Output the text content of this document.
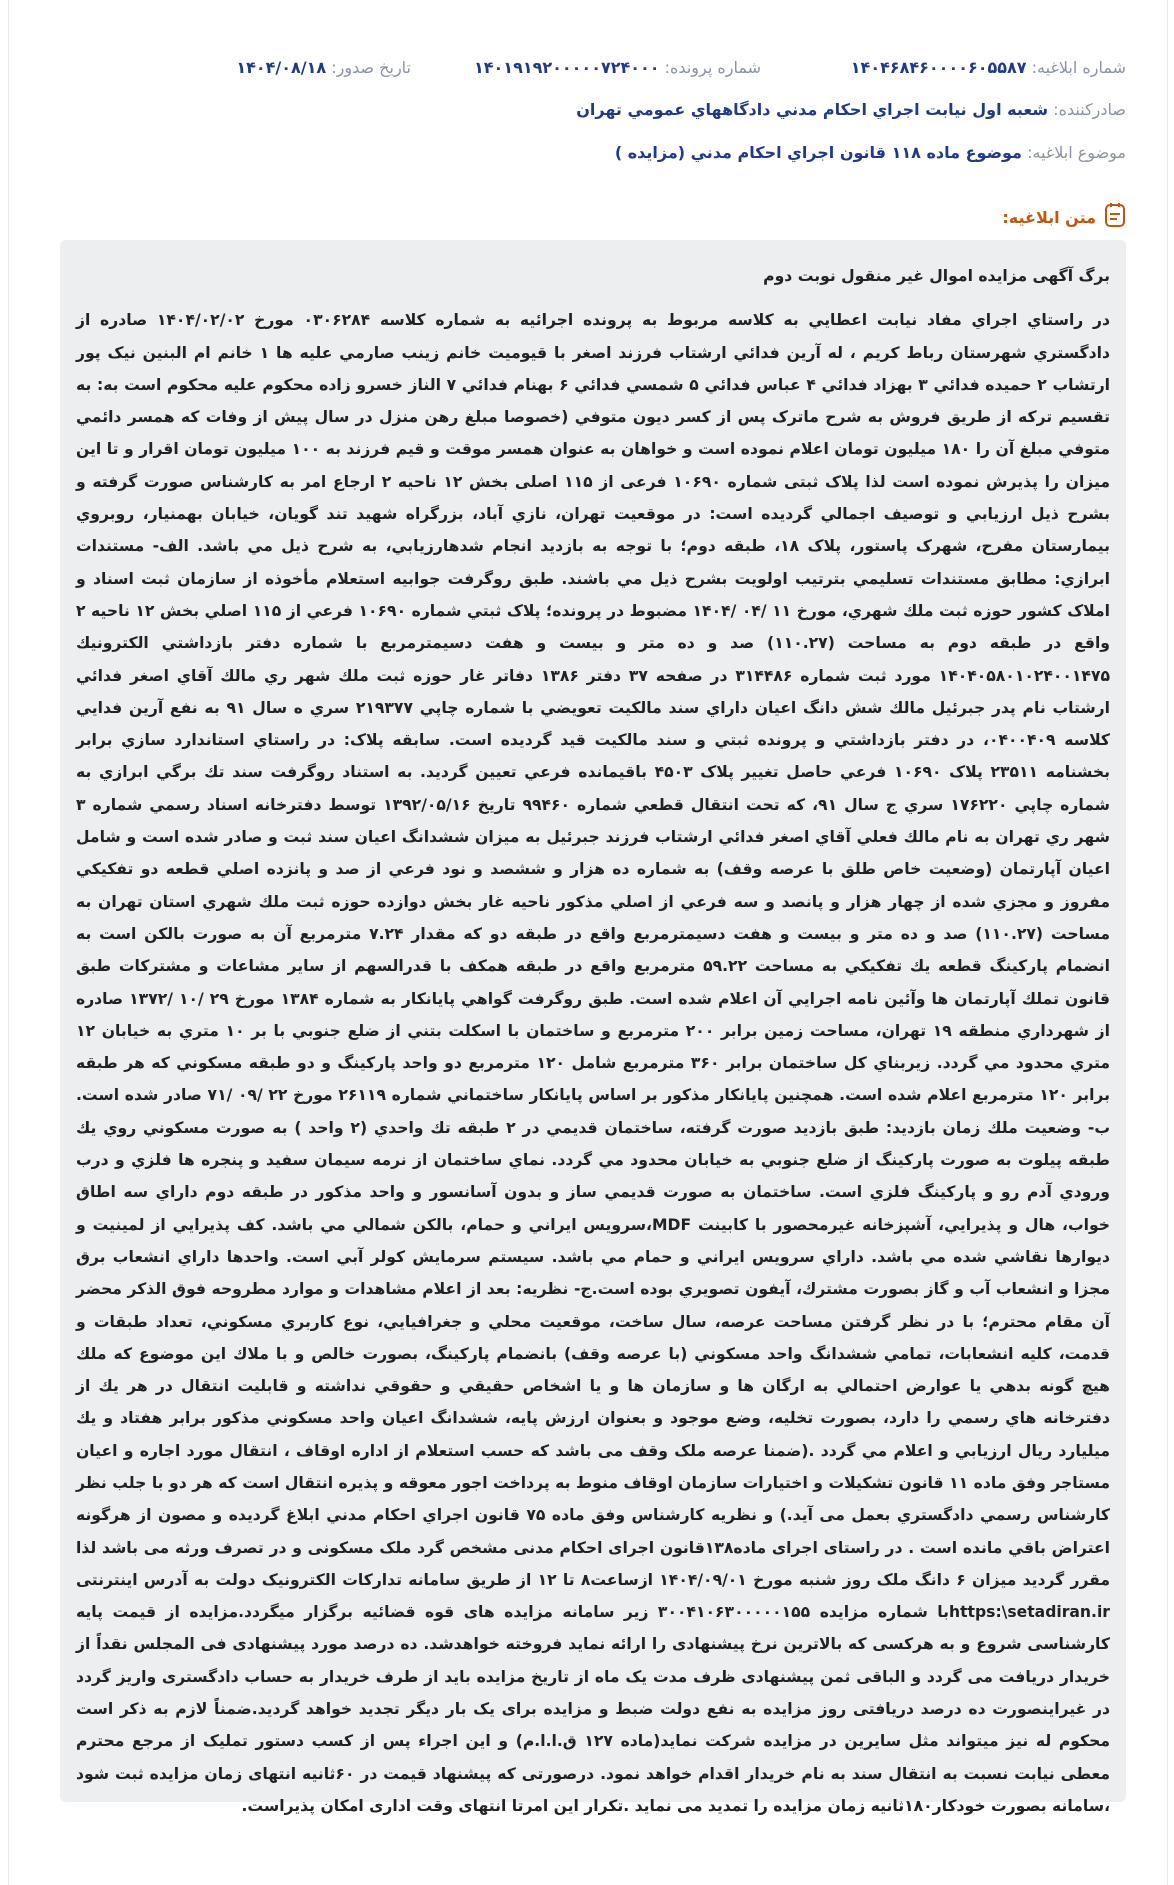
شماره ابلاغیه: ۱۴۰۴۶۸۴۶۰۰۰۰۶۰۵۵۸۷
شماره پرونده: ۱۴۰۱۹۱۹۲۰۰۰۰۰۷۲۴۰۰۰
تاریخ صدور: ۱۴۰۴/۰۸/۱۸
صادرکننده: شعبه اول نيابت اجراي احكام مدني دادگاههاي عمومي تهران
موضوع ابلاغیه: موضوع ماده ۱۱۸ قانون اجراي احكام مدني (مزايده )
متن ابلاغیه:
برگ آگهی مزایده اموال غیر منقول نوبت دوم

در راستاي اجراي مفاد نيابت اعطايي به كلاسه مربوط به پرونده اجرائيه به شماره كلاسه ۰۳۰۶۲۸۴ مورخ ۱۴۰۴/۰۲/۰۲ صادره از دادگستري شهرستان رباط كريم ، له آرين فدائي ارشتاب فرزند اصغر با قيوميت خانم زينب صارمي عليه ها ۱ خانم ام البنين نيک پور ارتشاب ۲ حميده فدائي ۳ بهزاد فدائي ۴ عباس فدائي ۵ شمسي فدائي ۶ بهنام فدائي ۷ الناز خسرو زاده محكوم عليه محكوم است به: به تقسيم تركه از طريق فروش به شرح ماترک پس از كسر ديون متوفي (خصوصا مبلغ رهن منزل در سال پيش از وفات كه همسر دائمي متوفي مبلغ آن را ۱۸۰ ميليون تومان اعلام نموده است و خواهان به عنوان همسر موقت و قيم فرزند به ۱۰۰ ميليون تومان اقرار و تا اين ميزان را پذيرش نموده است لذا پلاک ثبتی شماره ۱۰۶۹۰ فرعی از ۱۱۵ اصلی بخش ۱۲ ناحیه ۲ ارجاع امر به كارشناس صورت گرفته و بشرح ذيل ارزيابي و توصيف اجمالي گرديده است: در موقعيت تهران، نازي آباد، بزرگراه شهيد تند گويان، خيابان بهمنيار، روبروي بيمارستان مفرح، شهرک پاستور، پلاک ۱۸، طبقه دوم؛ با توجه به بازديد انجام شدهارزيابي، به شرح ذيل مي باشد. الف- مستندات ابرازي: مطابق مستندات تسليمي بترتيب اولويت بشرح ذيل مي باشند. طبق روگرفت جوابيه استعلام مأخوذه از سازمان ثبت اسناد و املاک كشور حوزه ثبت ملك شهري، مورخ ۱۱ /۰۴ /۱۴۰۴ مضبوط در پرونده؛ پلاک ثبتي شماره ۱۰۶۹۰ فرعي از ۱۱۵ اصلي بخش ۱۲ ناحيه ۲ واقع در طبقه دوم به مساحت (۱۱۰.۲۷) صد و ده متر و بيست و هفت دسيمترمربع با شماره دفتر بازداشتي الكترونيك ۱۴۰۴۰۵۸۰۱۰۲۴۰۰۱۴۷۵ مورد ثبت شماره ۳۱۴۴۸۶ در صفحه ۳۷ دفتر ۱۳۸۶ دفاتر غار حوزه ثبت ملك شهر ري مالك آقاي اصغر فدائي ارشتاب نام پدر جبرئيل مالك شش دانگ اعيان داراي سند مالكيت تعويضي با شماره چاپي ۲۱۹۳۷۷ سري ه سال ۹۱ به نفع آرين فدايي كلاسه ۰۴۰۰۴۰۹، در دفتر بازداشتي و پرونده ثبتي و سند مالكيت قيد گرديده است. سابقه پلاک: در راستاي استاندارد سازي برابر بخشنامه ۲۳۵۱۱ پلاک ۱۰۶۹۰ فرعي حاصل تغيير پلاک ۴۵۰۳ باقيمانده فرعي تعيين گرديد. به استناد روگرفت سند تك برگي ابرازي به شماره چاپي ۱۷۶۲۲۰ سري ج سال ۹۱، كه تحت انتقال قطعي شماره ۹۹۴۶۰ تاريخ ۱۳۹۲/۰۵/۱۶ توسط دفترخانه اسناد رسمي شماره ۳ شهر ري تهران به نام مالك فعلي آقاي اصغر فدائي ارشتاب فرزند جبرئيل به ميزان ششدانگ اعيان سند ثبت و صادر شده است و شامل اعيان آپارتمان (وضعيت خاص طلق با عرصه وقف) به شماره ده هزار و ششصد و نود فرعي از صد و پانزده اصلي قطعه دو تفكيكي مفروز و مجزي شده از چهار هزار و پانصد و سه فرعي از اصلي مذكور ناحيه غار بخش دوازده حوزه ثبت ملك شهري استان تهران به مساحت (۱۱۰.۲۷) صد و ده متر و بيست و هفت دسيمترمربع واقع در طبقه دو كه مقدار ۷.۲۴ مترمربع آن به صورت بالكن است به انضمام پاركينگ قطعه يك تفكيكي به مساحت ۵۹.۲۲ مترمربع واقع در طبقه همكف با قدرالسهم از ساير مشاعات و مشتركات طبق قانون تملك آپارتمان ها وآئين نامه اجرايي آن اعلام شده است. طبق روگرفت گواهي پايانكار به شماره ۱۳۸۴ مورخ ۲۹ /۱۰ /۱۳۷۲ صادره از شهرداري منطقه ۱۹ تهران، مساحت زمين برابر ۲۰۰ مترمربع و ساختمان با اسكلت بتني از ضلع جنوبي با بر ۱۰ متري به خيابان ۱۲ متري محدود مي گردد. زيربناي كل ساختمان برابر ۳۶۰ مترمربع شامل ۱۲۰ مترمربع دو واحد پاركينگ و دو طبقه مسكوني كه هر طبقه برابر ۱۲۰ مترمربع اعلام شده است. همچنين پايانكار مذكور بر اساس پايانكار ساختماني شماره ۲۶۱۱۹ مورخ ۲۲ /۰۹ /۷۱ صادر شده است. ب- وضعيت ملك زمان بازديد: طبق بازديد صورت گرفته، ساختمان قديمي در ۲ طبقه تك واحدي (۲ واحد ) به صورت مسكوني روي يك طبقه پيلوت به صورت پاركينگ از ضلع جنوبي به خيابان محدود مي گردد. نماي ساختمان از نرمه سيمان سفيد و پنجره ها فلزي و درب ورودي آدم رو و پاركينگ فلزي است. ساختمان به صورت قديمي ساز و بدون آسانسور و واحد مذكور در طبقه دوم داراي سه اطاق خواب، هال و پذيرايي، آشپزخانه غيرمحصور با كابينت MDF،سرويس ايراني و حمام، بالكن شمالي مي باشد. كف پذيرايي از لمينيت و ديوارها نقاشي شده مي باشد. داراي سرويس ايراني و حمام مي باشد. سيستم سرمايش كولر آبي است. واحدها داراي انشعاب برق مجزا و انشعاب آب و گاز بصورت مشترك، آيفون تصويري بوده است.ج- نظريه: بعد از اعلام مشاهدات و موارد مطروحه فوق الذكر محضر آن مقام محترم؛ با در نظر گرفتن مساحت عرصه، سال ساخت، موقعيت محلي و جغرافيايي، نوع كاربري مسكوني، تعداد طبقات و قدمت، كليه انشعابات، تمامي ششدانگ واحد مسكوني (با عرصه وقف) بانضمام پاركينگ، بصورت خالص و با ملاك اين موضوع كه ملك هيچ گونه بدهي يا عوارض احتمالي به ارگان ها و سازمان ها و يا اشخاص حقيقي و حقوقي نداشته و قابليت انتقال در هر يك از دفترخانه هاي رسمي را دارد، بصورت تخليه، وضع موجود و بعنوان ارزش پايه، ششدانگ اعيان واحد مسكوني مذكور برابر هفتاد و يك ميليارد ريال ارزيابي و اعلام مي گردد .(ضمنا عرصه ملک وقف می باشد که حسب استعلام از اداره اوقاف ، انتقال مورد اجاره و اعيان مستاجر وفق ماده ۱۱ قانون تشكيلات و اختيارات سازمان اوقاف منوط به پرداخت اجور معوقه و پذيره انتقال است كه هر دو با جلب نظر كارشناس رسمي دادگستري بعمل می آيد.) و نظريه كارشناس وفق ماده ۷۵ قانون اجراي احكام مدني ابلاغ گرديده و مصون از هرگونه اعتراض باقي مانده است . در راستای اجرای ماده۱۳۸قانون اجرای احکام مدنی مشخص گرد ملک مسکونی و در تصرف ورثه می باشد لذا مقرر گردید میزان ۶ دانگ ملک روز شنبه مورخ ۱۴۰۴/۰۹/۰۱ ازساعت۸ تا ۱۲ از طریق سامانه تدارکات الکترونیک دولت به آدرس اینترنتی https:\setadiran.irبا شماره مزایده ۳۰۰۴۱۰۶۳۰۰۰۰۰۱۵۵ زیر سامانه مزایده های قوه قضائیه برگزار میگردد.مزایده از قیمت پایه کارشناسی شروع و به هرکسی که بالاترین نرخ پیشنهادی را ارائه نماید فروخته خواهدشد. ده درصد مورد پیشنهادی فی المجلس نقداً از خریدار دریافت می گردد و الباقی ثمن پیشنهادی ظرف مدت یک ماه از تاریخ مزایده باید از طرف خریدار به حساب دادگستری واریز گردد در غیراینصورت ده درصد دریافتی روز مزایده به نفع دولت ضبط و مزایده برای یک بار دیگر تجدید خواهد گردید.ضمناً لازم به ذکر است محکوم له نیز میتواند مثل سایرین در مزایده شرکت نماید(ماده ۱۲۷ ق.ا.ا.م) و این اجراء پس از کسب دستور تملیک از مرجع محترم معطی نیابت نسبت به انتقال سند به نام خریدار اقدام خواهد نمود. درصورتی که پیشنهاد قیمت در ۶۰ثانیه انتهای زمان مزایده ثبت شود ،سامانه بصورت خودکار۱۸۰ثانیه زمان مزایده را تمدید می نماید .تکرار این امرتا انتهای وقت اداری امکان پذیراست.
